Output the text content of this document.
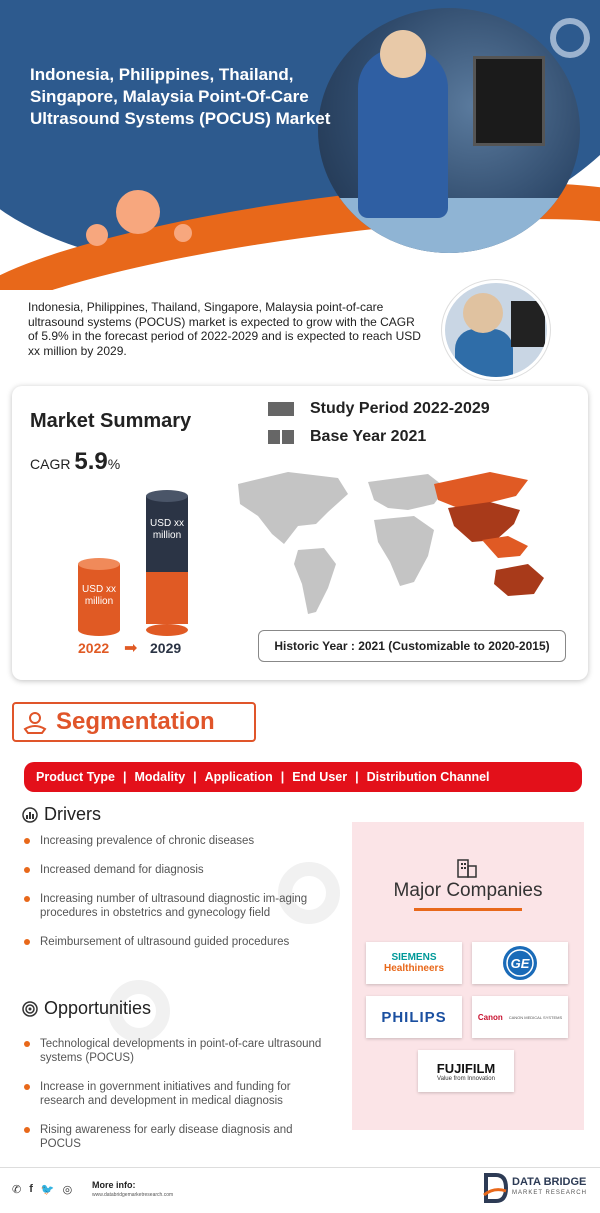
Indonesia, Philippines, Thailand, Singapore, Malaysia Point-Of-Care Ultrasound Systems (POCUS) Market
Indonesia, Philippines, Thailand, Singapore, Malaysia point-of-care ultrasound systems (POCUS) market is expected to grow with the CAGR of 5.9% in the forecast period of 2022-2029 and is expected to reach USD xx million by 2029.
Market Summary
CAGR 5.9%
Study Period 2022-2029
Base Year 2021
USD xx million
USD xx million
2022 ➡ 2029	Historic Year : 2021 (Customizable to 2020-2015)
Segmentation
Product Type | Modality | Application | End User | Distribution Channel
Drivers
Increasing prevalence of chronic diseases
Increased demand for diagnosis
Increasing number of ultrasound diagnostic im-aging procedures in obstetrics and gynecology field
Reimbursement of ultrasound guided procedures
Opportunities
Technological developments in point-of-care ultrasound systems (POCUS)
Increase in government initiatives and funding for research and development in medical diagnosis
Rising awareness for early disease diagnosis and POCUS
Major Companies
SIEMENS
Healthineers	GE
PHILIPS	Canon CANON MEDICAL SYSTEMS
FUJIFILM
Value from Innovation
✆ f 🐦 ◎ More info:
www.databridgemarketresearch.com
DATA BRIDGE
MARKET RESEARCH
